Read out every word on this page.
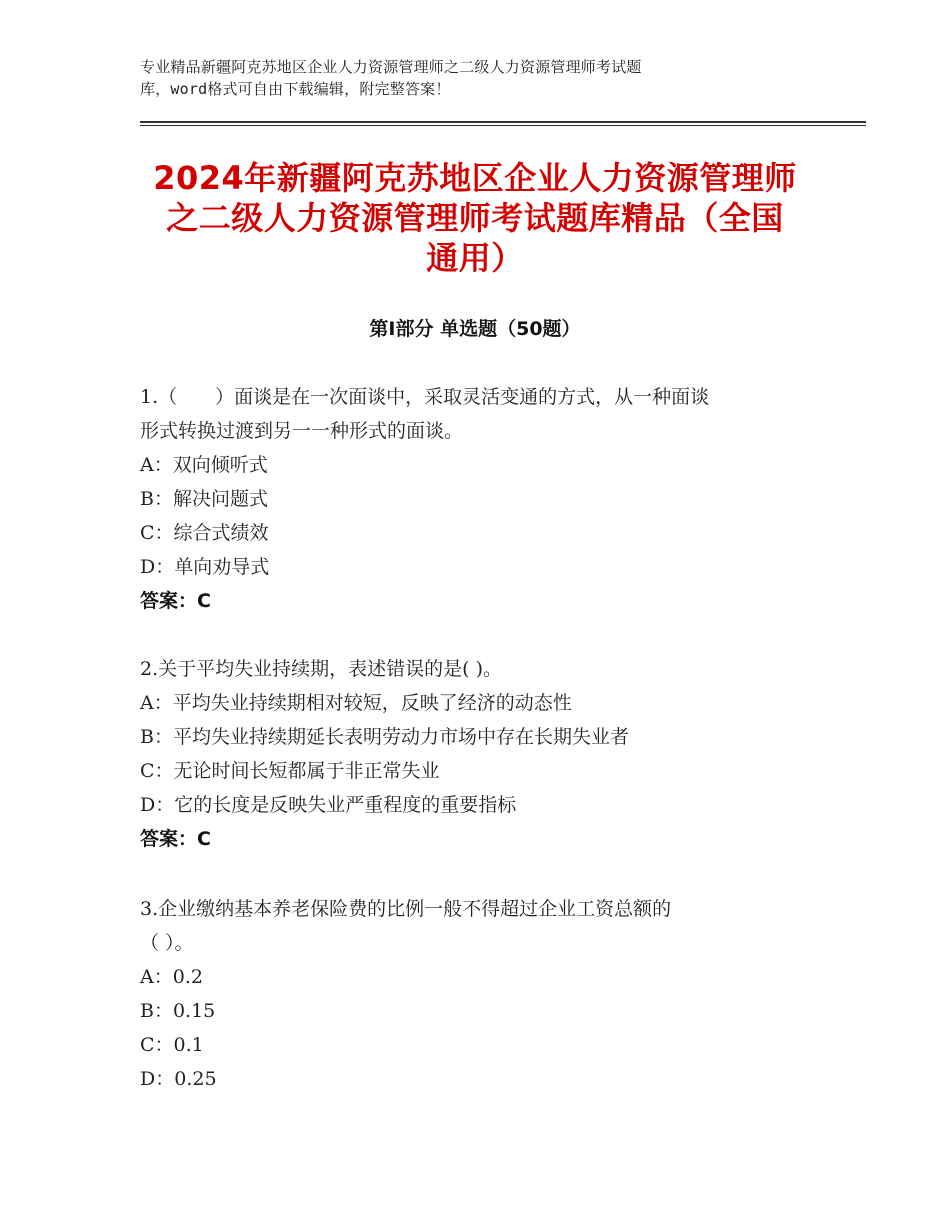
专业精品新疆阿克苏地区企业人力资源管理师之二级人力资源管理师考试题
库，word格式可自由下载编辑，附完整答案！
2024年新疆阿克苏地区企业人力资源管理师
之二级人力资源管理师考试题库精品（全国
通用）
第Ⅰ部分 单选题（50题）
1.（　　）面谈是在一次面谈中，采取灵活变通的方式，从一种面谈
形式转换过渡到另一一种形式的面谈。
A：双向倾听式
B：解决问题式
C：综合式绩效
D：单向劝导式
答案：C
2.关于平均失业持续期，表述错误的是( )。
A：平均失业持续期相对较短，反映了经济的动态性
B：平均失业持续期延长表明劳动力市场中存在长期失业者
C：无论时间长短都属于非正常失业
D：它的长度是反映失业严重程度的重要指标
答案：C
3.企业缴纳基本养老保险费的比例一般不得超过企业工资总额的
（ ）。
A：0.2
B：0.15
C：0.1
D：0.25
